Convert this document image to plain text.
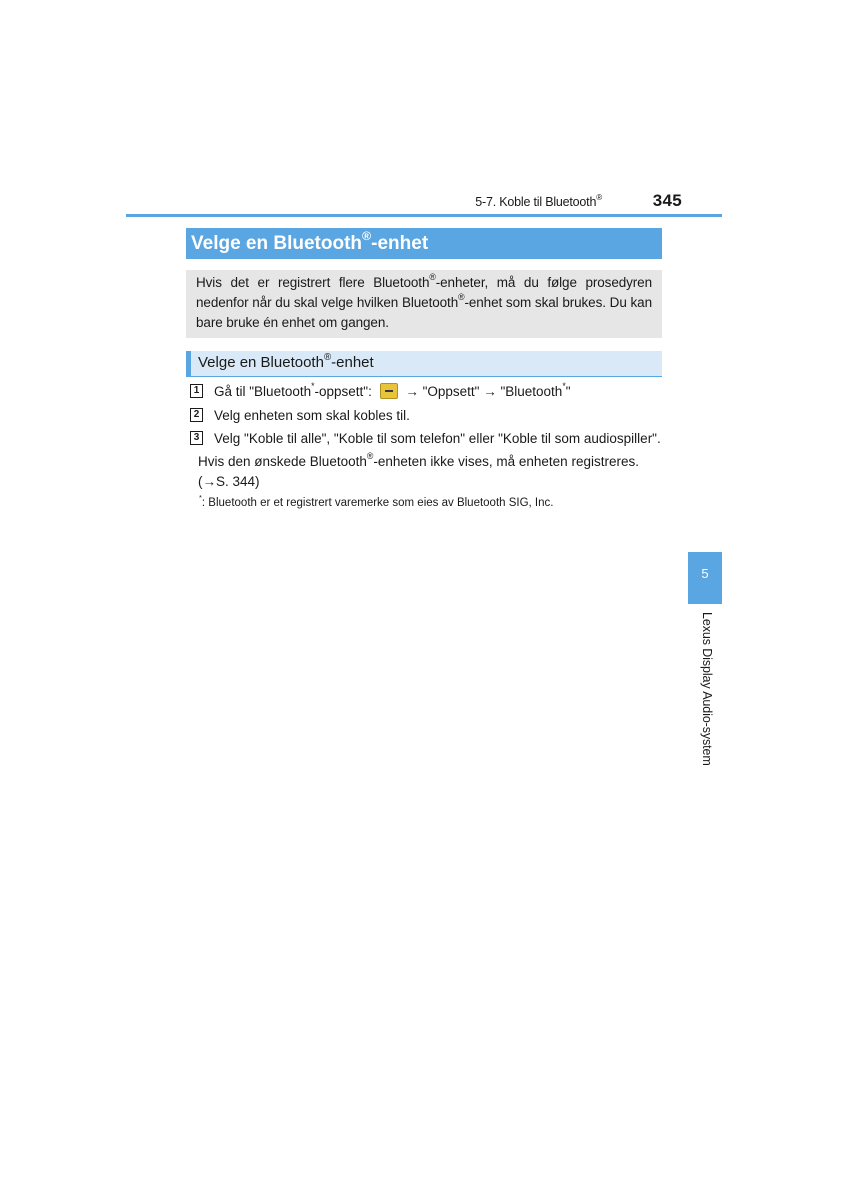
5-7. Koble til Bluetooth®	345
Velge en Bluetooth®-enhet
Hvis det er registrert flere Bluetooth®-enheter, må du følge prosedyren nedenfor når du skal velge hvilken Bluetooth®-enhet som skal brukes. Du kan bare bruke én enhet om gangen.
Velge en Bluetooth®-enhet
1 Gå til "Bluetooth*-oppsett":  → "Oppsett" → "Bluetooth*"
2 Velg enheten som skal kobles til.
3 Velg "Koble til alle", "Koble til som telefon" eller "Koble til som audiospiller".
Hvis den ønskede Bluetooth®-enheten ikke vises, må enheten registreres.
(→S. 344)
*: Bluetooth er et registrert varemerke som eies av Bluetooth SIG, Inc.
5
Lexus Display Audio-system
